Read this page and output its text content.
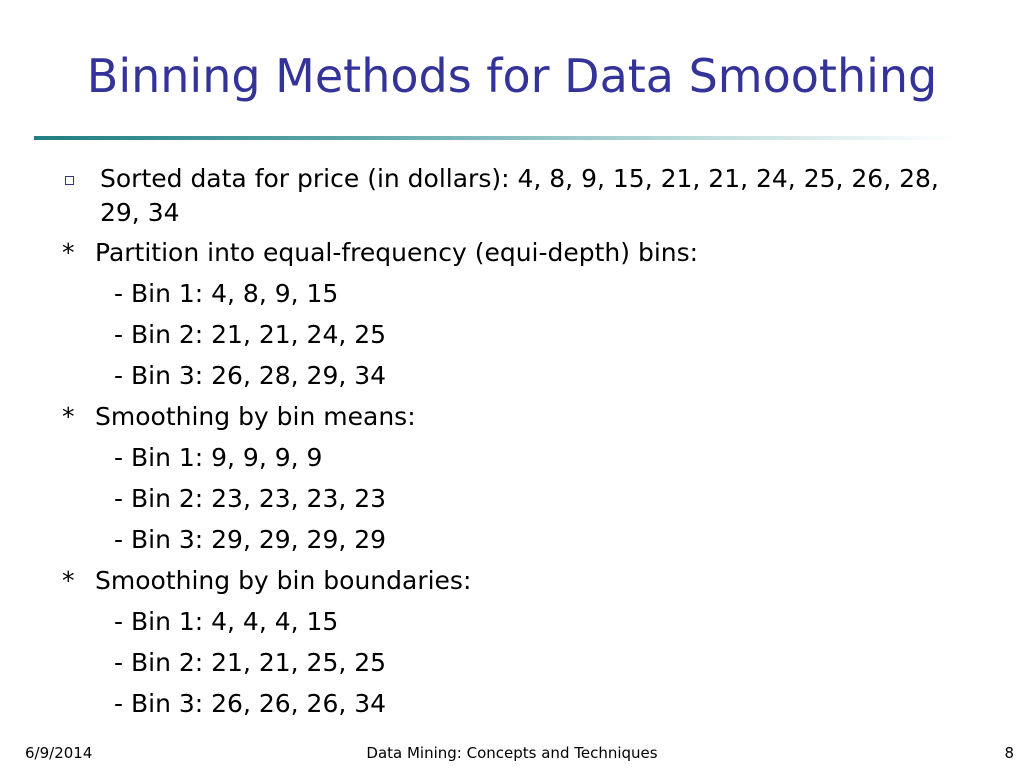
Binning Methods for Data Smoothing
Sorted data for price (in dollars): 4, 8, 9, 15, 21, 21, 24, 25, 26, 28,
29, 34
* Partition into equal-frequency (equi-depth) bins:
- Bin 1: 4, 8, 9, 15
- Bin 2: 21, 21, 24, 25
- Bin 3: 26, 28, 29, 34
* Smoothing by bin means:
- Bin 1: 9, 9, 9, 9
- Bin 2: 23, 23, 23, 23
- Bin 3: 29, 29, 29, 29
* Smoothing by bin boundaries:
- Bin 1: 4, 4, 4, 15
- Bin 2: 21, 21, 25, 25
- Bin 3: 26, 26, 26, 34
6/9/2014	Data Mining: Concepts and Techniques	8
